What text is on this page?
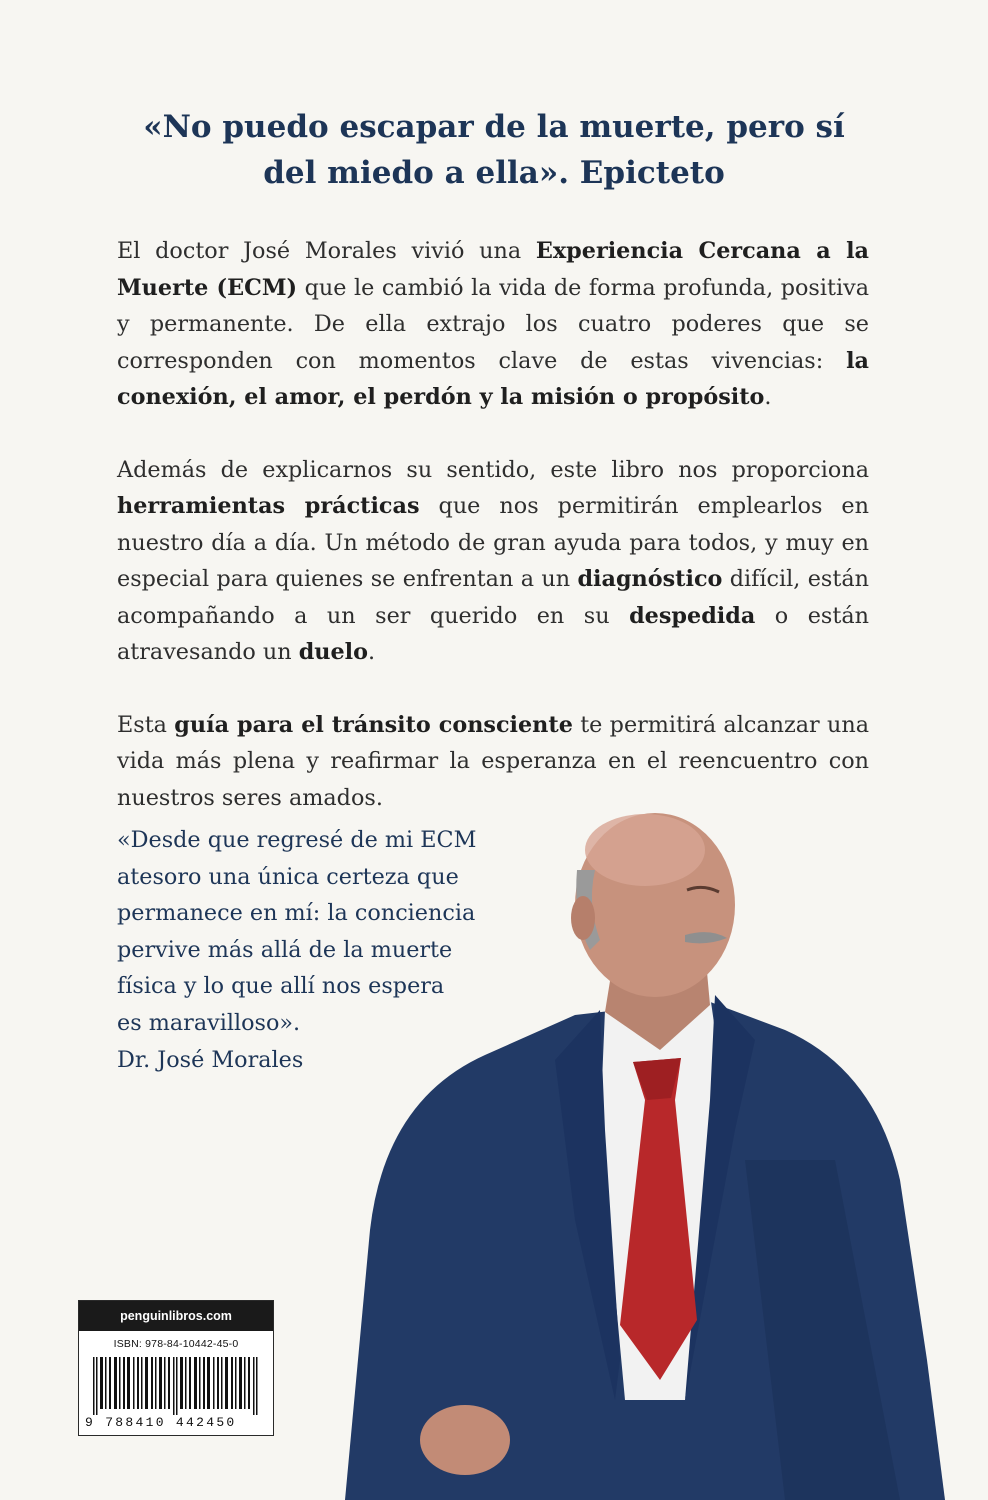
«No puedo escapar de la muerte, pero sí
del miedo a ella». Epicteto

El doctor José Morales vivió una Experiencia Cercana a la Muerte (ECM) que le cambió la vida de forma profunda, positiva y permanente. De ella extrajo los cuatro poderes que se corresponden con momentos clave de estas vivencias: la conexión, el amor, el perdón y la misión o propósito.

Además de explicarnos su sentido, este libro nos proporciona herramientas prácticas que nos permitirán emplearlos en nuestro día a día. Un método de gran ayuda para todos, y muy en especial para quienes se enfrentan a un diagnóstico difícil, están acompañando a un ser querido en su despedida o están atravesando un duelo.

Esta guía para el tránsito consciente te permitirá alcanzar una vida más plena y reafirmar la esperanza en el reencuentro con nuestros seres amados.

«Desde que regresé de mi ECM
atesoro una única certeza que
permanece en mí: la conciencia
pervive más allá de la muerte
física y lo que allí nos espera
es maravilloso».
Dr. José Morales
penguinlibros.com
ISBN: 978-84-10442-45-0
9 788410 442450
